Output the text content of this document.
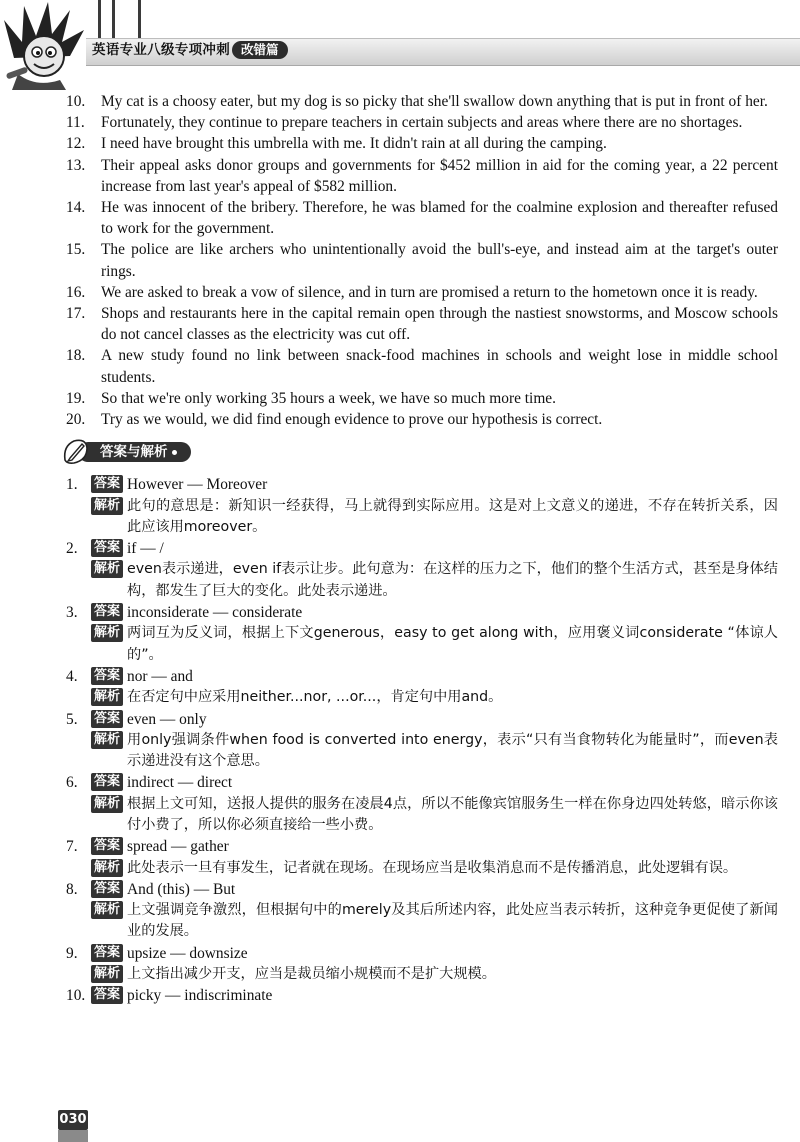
英语专业八级专项冲刺 改错篇
10.	My cat is a choosy eater, but my dog is so picky that she'll swallow down anything that is put in front of her.
11.	Fortunately, they continue to prepare teachers in certain subjects and areas where there are no shortages.
12.	I need have brought this umbrella with me. It didn't rain at all during the camping.
13.	Their appeal asks donor groups and governments for $452 million in aid for the coming year, a 22 percent increase from last year's appeal of $582 million.
14.	He was innocent of the bribery. Therefore, he was blamed for the coalmine explosion and thereafter refused to work for the government.
15.	The police are like archers who unintentionally avoid the bull's-eye, and instead aim at the target's outer rings.
16.	We are asked to break a vow of silence, and in turn are promised a return to the hometown once it is ready.
17.	Shops and restaurants here in the capital remain open through the nastiest snowstorms, and Moscow schools do not cancel classes as the electricity was cut off.
18.	A new study found no link between snack-food machines in schools and weight lose in middle school students.
19.	So that we're only working 35 hours a week, we have so much more time.
20.	Try as we would, we did find enough evidence to prove our hypothesis is correct.
答案与解析
1.	答案 However — Moreover
解析 此句的意思是：新知识一经获得，马上就得到实际应用。这是对上文意义的递进，不存在转折关系，因此应该用moreover。
2.	答案 if — /
解析 even表示递进，even if表示让步。此句意为：在这样的压力之下，他们的整个生活方式，甚至是身体结构，都发生了巨大的变化。此处表示递进。
3.	答案 inconsiderate — considerate
解析 两词互为反义词，根据上下文generous，easy to get along with，应用褒义词considerate “体谅人的”。
4.	答案 nor — and
解析 在否定句中应采用neither...nor, ...or...，肯定句中用and。
5.	答案 even — only
解析 用only强调条件when food is converted into energy，表示“只有当食物转化为能量时”，而even表示递进没有这个意思。
6.	答案 indirect — direct
解析 根据上文可知，送报人提供的服务在凌晨4点，所以不能像宾馆服务生一样在你身边四处转悠，暗示你该付小费了，所以你必须直接给一些小费。
7.	答案 spread — gather
解析 此处表示一旦有事发生，记者就在现场。在现场应当是收集消息而不是传播消息，此处逻辑有误。
8.	答案 And (this) — But
解析 上文强调竞争激烈，但根据句中的merely及其后所述内容，此处应当表示转折，这种竞争更促使了新闻业的发展。
9.	答案 upsize — downsize
解析 上文指出减少开支，应当是裁员缩小规模而不是扩大规模。
10. 答案 picky — indiscriminate
030
